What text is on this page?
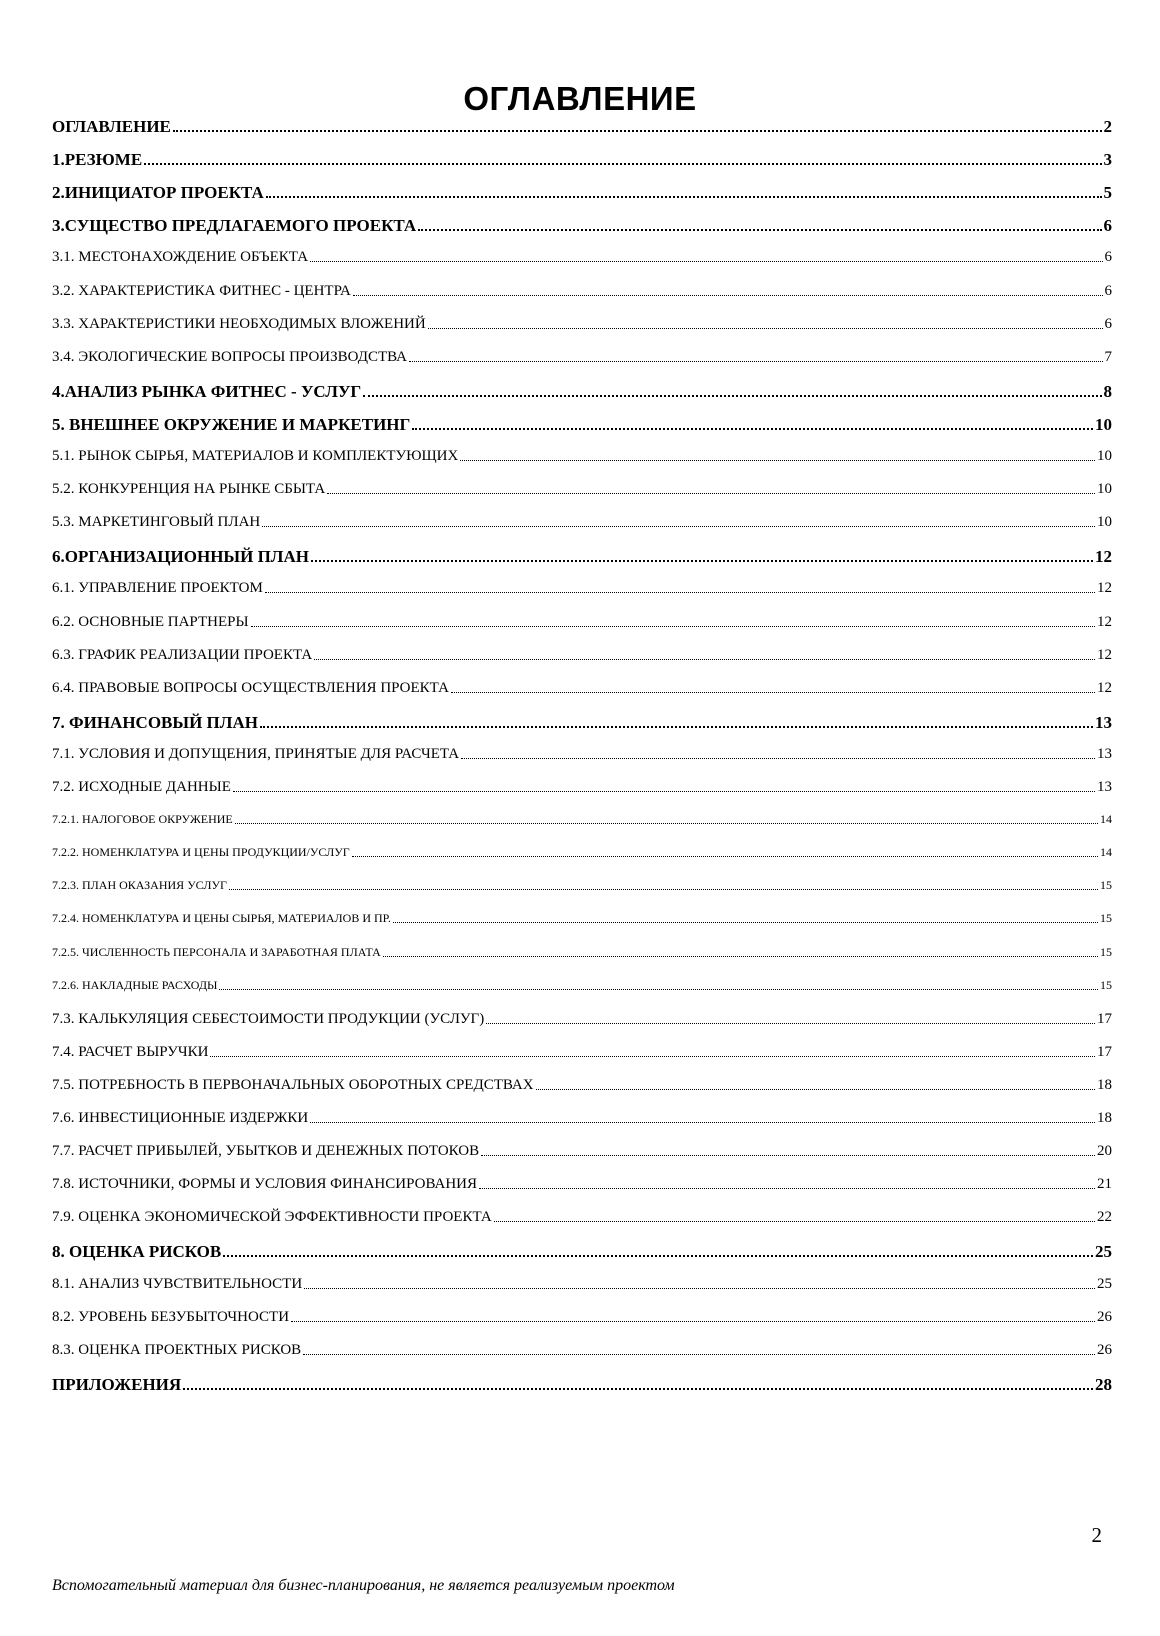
ОГЛАВЛЕНИЕ
ОГЛАВЛЕНИЕ	2
1.РЕЗЮМЕ	3
2.ИНИЦИАТОР ПРОЕКТА	5
3.СУЩЕСТВО ПРЕДЛАГАЕМОГО ПРОЕКТА	6
3.1. МЕСТОНАХОЖДЕНИЕ ОБЪЕКТА	6
3.2. ХАРАКТЕРИСТИКА ФИТНЕС - ЦЕНТРА	6
3.3. ХАРАКТЕРИСТИКИ НЕОБХОДИМЫХ ВЛОЖЕНИЙ	6
3.4. ЭКОЛОГИЧЕСКИЕ ВОПРОСЫ ПРОИЗВОДСТВА	7
4.АНАЛИЗ РЫНКА ФИТНЕС - УСЛУГ	8
5. ВНЕШНЕЕ ОКРУЖЕНИЕ И МАРКЕТИНГ	10
5.1. РЫНОК СЫРЬЯ, МАТЕРИАЛОВ И КОМПЛЕКТУЮЩИХ	10
5.2. КОНКУРЕНЦИЯ НА РЫНКЕ СБЫТА	10
5.3. МАРКЕТИНГОВЫЙ ПЛАН	10
6.ОРГАНИЗАЦИОННЫЙ ПЛАН	12
6.1. УПРАВЛЕНИЕ ПРОЕКТОМ	12
6.2. ОСНОВНЫЕ ПАРТНЕРЫ	12
6.3. ГРАФИК РЕАЛИЗАЦИИ ПРОЕКТА	12
6.4. ПРАВОВЫЕ ВОПРОСЫ ОСУЩЕСТВЛЕНИЯ ПРОЕКТА	12
7. ФИНАНСОВЫЙ ПЛАН	13
7.1. УСЛОВИЯ И ДОПУЩЕНИЯ, ПРИНЯТЫЕ ДЛЯ РАСЧЕТА	13
7.2. ИСХОДНЫЕ ДАННЫЕ	13
7.2.1. НАЛОГОВОЕ ОКРУЖЕНИЕ	14
7.2.2. НОМЕНКЛАТУРА И ЦЕНЫ ПРОДУКЦИИ/УСЛУГ	14
7.2.3. ПЛАН ОКАЗАНИЯ УСЛУГ	15
7.2.4. НОМЕНКЛАТУРА И ЦЕНЫ СЫРЬЯ, МАТЕРИАЛОВ И ПР.	15
7.2.5. ЧИСЛЕННОСТЬ ПЕРСОНАЛА И ЗАРАБОТНАЯ ПЛАТА	15
7.2.6. НАКЛАДНЫЕ РАСХОДЫ	15
7.3. КАЛЬКУЛЯЦИЯ СЕБЕСТОИМОСТИ ПРОДУКЦИИ (УСЛУГ)	17
7.4. РАСЧЕТ ВЫРУЧКИ	17
7.5. ПОТРЕБНОСТЬ В ПЕРВОНАЧАЛЬНЫХ ОБОРОТНЫХ СРЕДСТВАХ	18
7.6. ИНВЕСТИЦИОННЫЕ ИЗДЕРЖКИ	18
7.7. РАСЧЕТ ПРИБЫЛЕЙ, УБЫТКОВ И ДЕНЕЖНЫХ ПОТОКОВ	20
7.8. ИСТОЧНИКИ, ФОРМЫ И УСЛОВИЯ ФИНАНСИРОВАНИЯ	21
7.9. ОЦЕНКА ЭКОНОМИЧЕСКОЙ ЭФФЕКТИВНОСТИ ПРОЕКТА	22
8. ОЦЕНКА РИСКОВ	25
8.1. АНАЛИЗ ЧУВСТВИТЕЛЬНОСТИ	25
8.2. УРОВЕНЬ БЕЗУБЫТОЧНОСТИ	26
8.3. ОЦЕНКА ПРОЕКТНЫХ РИСКОВ	26
ПРИЛОЖЕНИЯ	28
2
Вспомогательный материал для бизнес-планирования, не является реализуемым проектом
